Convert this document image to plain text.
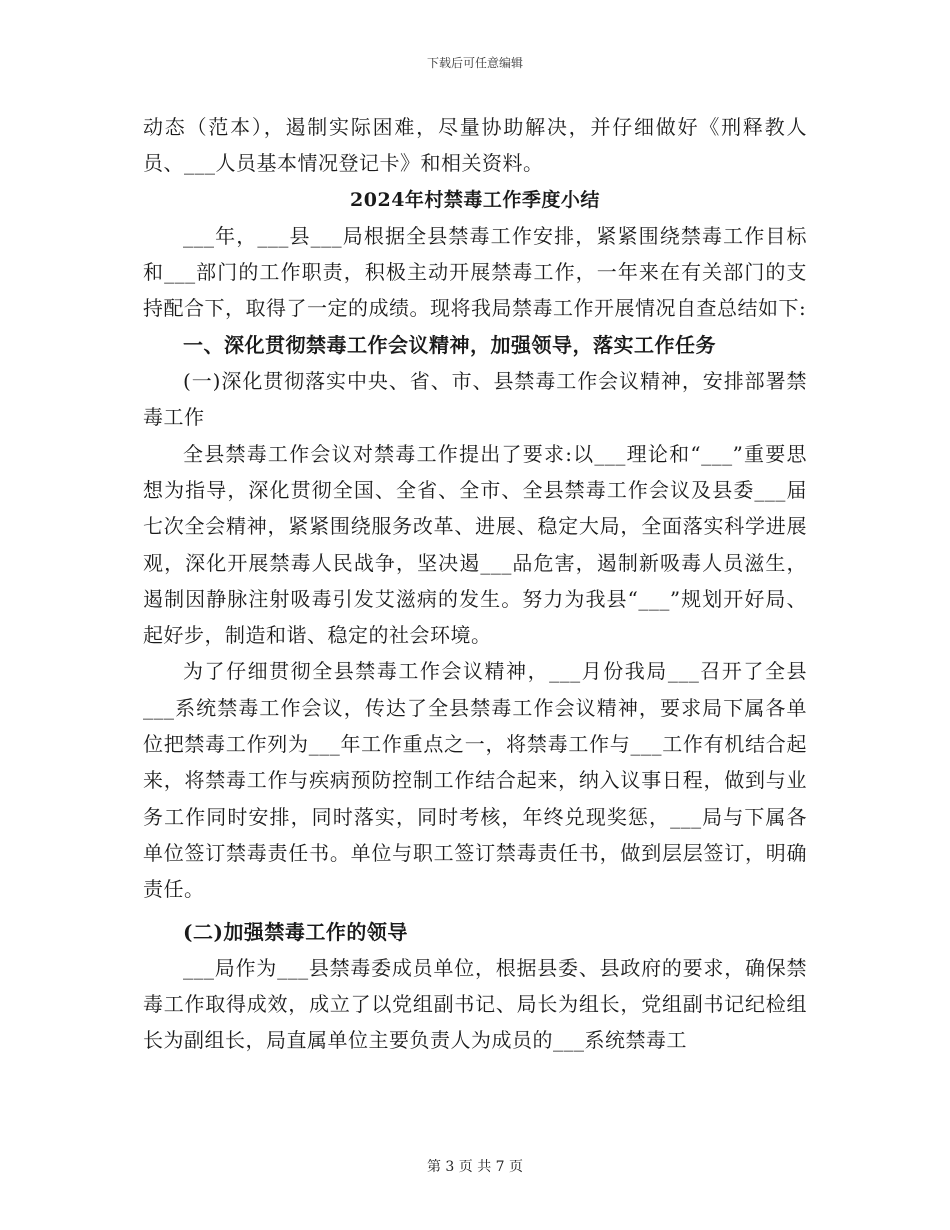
下载后可任意编辑

动态（范本），遏制实际困难，尽量协助解决，并仔细做好《刑释教人员、___人员基本情况登记卡》和相关资料。

2024年村禁毒工作季度小结

___年，___县___局根据全县禁毒工作安排，紧紧围绕禁毒工作目标和___部门的工作职责，积极主动开展禁毒工作，一年来在有关部门的支持配合下，取得了一定的成绩。现将我局禁毒工作开展情况自查总结如下:

一、深化贯彻禁毒工作会议精神，加强领导，落实工作任务

(一)深化贯彻落实中央、省、市、县禁毒工作会议精神，安排部署禁毒工作

全县禁毒工作会议对禁毒工作提出了要求:以___理论和“___”重要思想为指导，深化贯彻全国、全省、全市、全县禁毒工作会议及县委___届七次全会精神，紧紧围绕服务改革、进展、稳定大局，全面落实科学进展观，深化开展禁毒人民战争，坚决遏___品危害，遏制新吸毒人员滋生，遏制因静脉注射吸毒引发艾滋病的发生。努力为我县“___”规划开好局、起好步，制造和谐、稳定的社会环境。

为了仔细贯彻全县禁毒工作会议精神，___月份我局___召开了全县___系统禁毒工作会议，传达了全县禁毒工作会议精神，要求局下属各单位把禁毒工作列为___年工作重点之一，将禁毒工作与___工作有机结合起来，将禁毒工作与疾病预防控制工作结合起来，纳入议事日程，做到与业务工作同时安排，同时落实，同时考核，年终兑现奖惩，___局与下属各单位签订禁毒责任书。单位与职工签订禁毒责任书，做到层层签订，明确责任。

(二)加强禁毒工作的领导

___局作为___县禁毒委成员单位，根据县委、县政府的要求，确保禁毒工作取得成效，成立了以党组副书记、局长为组长，党组副书记纪检组长为副组长，局直属单位主要负责人为成员的___系统禁毒工

第 3 页 共 7 页
